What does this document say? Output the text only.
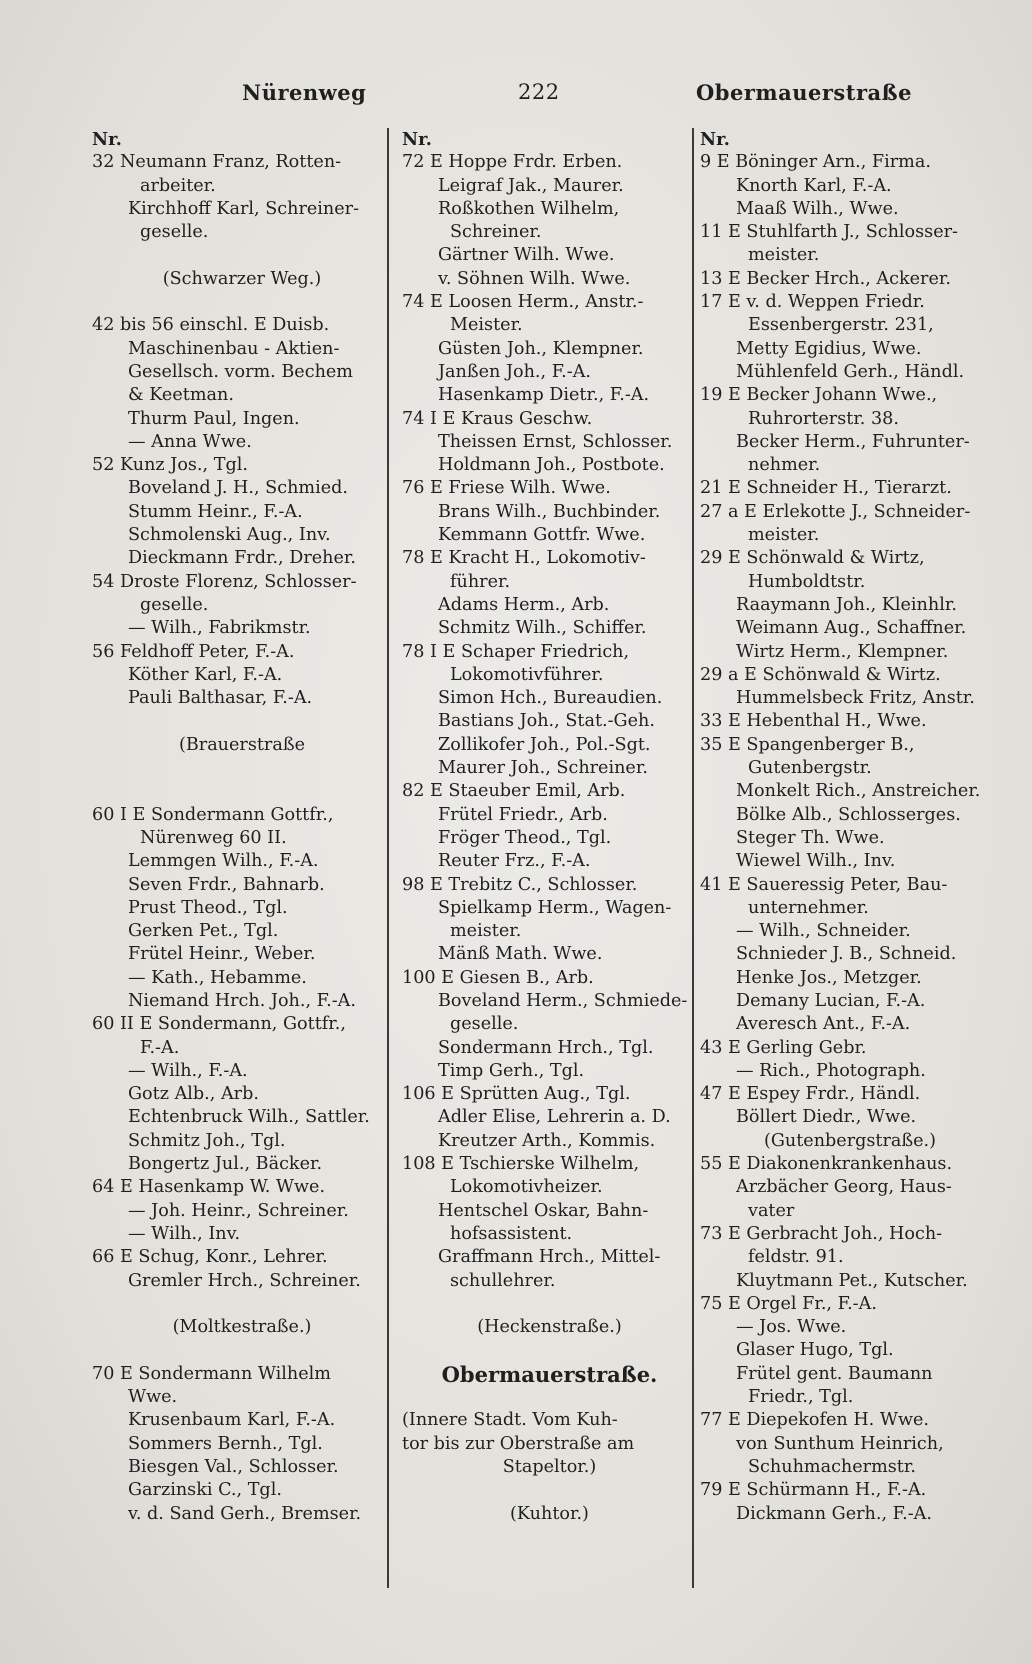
Nürenweg	222	Obermauerstraße
Nr.
32 Neumann Franz, Rotten-
arbeiter.
Kirchhoff Karl, Schreiner-
geselle.
(Schwarzer Weg.)
42 bis 56 einschl. E Duisb.
Maschinenbau - Aktien-
Gesellsch. vorm. Bechem
& Keetman.
Thurm Paul, Ingen.
— Anna Wwe.
52 Kunz Jos., Tgl.
Boveland J. H., Schmied.
Stumm Heinr., F.-A.
Schmolenski Aug., Inv.
Dieckmann Frdr., Dreher.
54 Droste Florenz, Schlosser-
geselle.
— Wilh., Fabrikmstr.
56 Feldhoff Peter, F.-A.
Köther Karl, F.-A.
Pauli Balthasar, F.-A.
(Brauerstraße
60 I E Sondermann Gottfr.,
Nürenweg 60 II.
Lemmgen Wilh., F.-A.
Seven Frdr., Bahnarb.
Prust Theod., Tgl.
Gerken Pet., Tgl.
Frütel Heinr., Weber.
— Kath., Hebamme.
Niemand Hrch. Joh., F.-A.
60 II E Sondermann, Gottfr.,
F.-A.
— Wilh., F.-A.
Gotz Alb., Arb.
Echtenbruck Wilh., Sattler.
Schmitz Joh., Tgl.
Bongertz Jul., Bäcker.
64 E Hasenkamp W. Wwe.
— Joh. Heinr., Schreiner.
— Wilh., Inv.
66 E Schug, Konr., Lehrer.
Gremler Hrch., Schreiner.
(Moltkestraße.)
70 E Sondermann Wilhelm
Wwe.
Krusenbaum Karl, F.-A.
Sommers Bernh., Tgl.
Biesgen Val., Schlosser.
Garzinski C., Tgl.
v. d. Sand Gerh., Bremser.
Nr.
72 E Hoppe Frdr. Erben.
Leigraf Jak., Maurer.
Roßkothen Wilhelm,
Schreiner.
Gärtner Wilh. Wwe.
v. Söhnen Wilh. Wwe.
74 E Loosen Herm., Anstr.-
Meister.
Güsten Joh., Klempner.
Janßen Joh., F.-A.
Hasenkamp Dietr., F.-A.
74 I E Kraus Geschw.
Theissen Ernst, Schlosser.
Holdmann Joh., Postbote.
76 E Friese Wilh. Wwe.
Brans Wilh., Buchbinder.
Kemmann Gottfr. Wwe.
78 E Kracht H., Lokomotiv-
führer.
Adams Herm., Arb.
Schmitz Wilh., Schiffer.
78 I E Schaper Friedrich,
Lokomotivführer.
Simon Hch., Bureaudien.
Bastians Joh., Stat.-Geh.
Zollikofer Joh., Pol.-Sgt.
Maurer Joh., Schreiner.
82 E Staeuber Emil, Arb.
Frütel Friedr., Arb.
Fröger Theod., Tgl.
Reuter Frz., F.-A.
98 E Trebitz C., Schlosser.
Spielkamp Herm., Wagen-
meister.
Mänß Math. Wwe.
100 E Giesen B., Arb.
Boveland Herm., Schmiede-
geselle.
Sondermann Hrch., Tgl.
Timp Gerh., Tgl.
106 E Sprütten Aug., Tgl.
Adler Elise, Lehrerin a. D.
Kreutzer Arth., Kommis.
108 E Tschierske Wilhelm,
Lokomotivheizer.
Hentschel Oskar, Bahn-
hofsassistent.
Graffmann Hrch., Mittel-
schullehrer.
(Heckenstraße.)
Obermauerstraße.
(Innere Stadt. Vom Kuh-
tor bis zur Oberstraße am
Stapeltor.)
(Kuhtor.)
Nr.
9 E Böninger Arn., Firma.
Knorth Karl, F.-A.
Maaß Wilh., Wwe.
11 E Stuhlfarth J., Schlosser-
meister.
13 E Becker Hrch., Ackerer.
17 E v. d. Weppen Friedr.
Essenbergerstr. 231,
Metty Egidius, Wwe.
Mühlenfeld Gerh., Händl.
19 E Becker Johann Wwe.,
Ruhrorterstr. 38.
Becker Herm., Fuhrunter-
nehmer.
21 E Schneider H., Tierarzt.
27 a E Erlekotte J., Schneider-
meister.
29 E Schönwald & Wirtz,
Humboldtstr.
Raaymann Joh., Kleinhlr.
Weimann Aug., Schaffner.
Wirtz Herm., Klempner.
29 a E Schönwald & Wirtz.
Hummelsbeck Fritz, Anstr.
33 E Hebenthal H., Wwe.
35 E Spangenberger B.,
Gutenbergstr.
Monkelt Rich., Anstreicher.
Bölke Alb., Schlosserges.
Steger Th. Wwe.
Wiewel Wilh., Inv.
41 E Saueressig Peter, Bau-
unternehmer.
— Wilh., Schneider.
Schnieder J. B., Schneid.
Henke Jos., Metzger.
Demany Lucian, F.-A.
Averesch Ant., F.-A.
43 E Gerling Gebr.
— Rich., Photograph.
47 E Espey Frdr., Händl.
Böllert Diedr., Wwe.
(Gutenbergstraße.)
55 E Diakonenkrankenhaus.
Arzbächer Georg, Haus-
vater
73 E Gerbracht Joh., Hoch-
feldstr. 91.
Kluytmann Pet., Kutscher.
75 E Orgel Fr., F.-A.
— Jos. Wwe.
Glaser Hugo, Tgl.
Frütel gent. Baumann
Friedr., Tgl.
77 E Diepekofen H. Wwe.
von Sunthum Heinrich,
Schuhmachermstr.
79 E Schürmann H., F.-A.
Dickmann Gerh., F.-A.
